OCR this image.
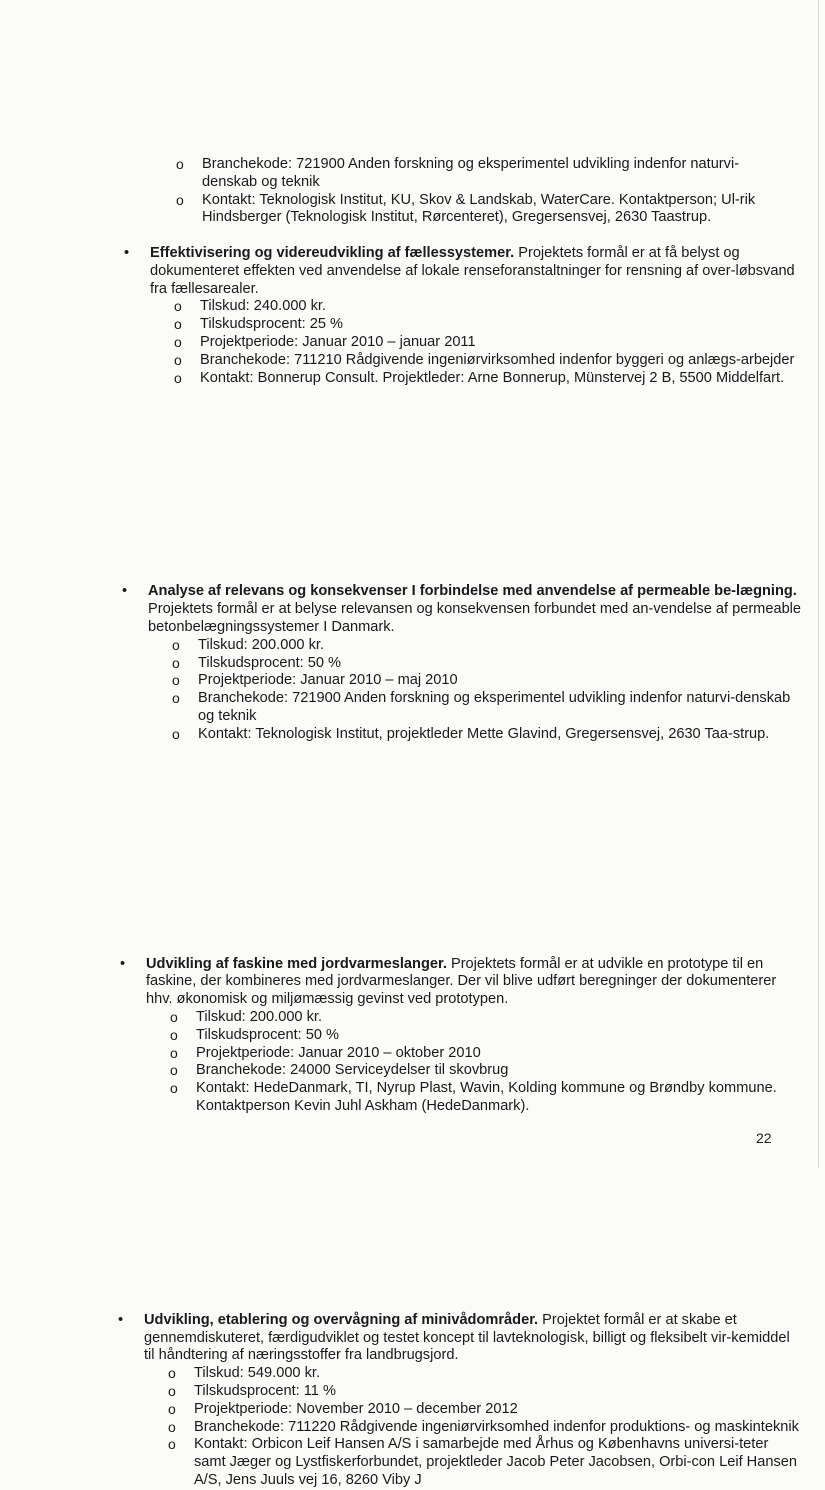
o Branchekode: 721900 Anden forskning og eksperimentel udvikling indenfor naturvi-denskab og teknik
o Kontakt: Teknologisk Institut, KU, Skov & Landskab, WaterCare. Kontaktperson; Ul-rik Hindsberger (Teknologisk Institut, Rørcenteret), Gregersensvej, 2630 Taastrup.
• Effektivisering og videreudvikling af fællessystemer. Projektets formål er at få belyst og dokumenteret effekten ved anvendelse af lokale renseforanstaltninger for rensning af over-løbsvand fra fællesarealer.
o Tilskud: 240.000 kr.
o Tilskudsprocent: 25 %
o Projektperiode: Januar 2010 – januar 2011
o Branchekode: 711210 Rådgivende ingeniørvirksomhed indenfor byggeri og anlægs-arbejder
o Kontakt: Bonnerup Consult. Projektleder: Arne Bonnerup, Münstervej 2 B, 5500 Middelfart.
• Analyse af relevans og konsekvenser I forbindelse med anvendelse af permeable be-lægning. Projektets formål er at belyse relevansen og konsekvensen forbundet med an-vendelse af permeable betonbelægningssystemer I Danmark.
o Tilskud: 200.000 kr.
o Tilskudsprocent: 50 %
o Projektperiode: Januar 2010 – maj 2010
o Branchekode: 721900 Anden forskning og eksperimentel udvikling indenfor naturvi-denskab og teknik
o Kontakt: Teknologisk Institut, projektleder Mette Glavind, Gregersensvej, 2630 Taa-strup.
• Udvikling af faskine med jordvarmeslanger. Projektets formål er at udvikle en prototype til en faskine, der kombineres med jordvarmeslanger. Der vil blive udført beregninger der dokumenterer hhv. økonomisk og miljømæssig gevinst ved prototypen.
o Tilskud: 200.000 kr.
o Tilskudsprocent: 50 %
o Projektperiode: Januar 2010 – oktober 2010
o Branchekode: 24000 Serviceydelser til skovbrug
o Kontakt: HedeDanmark, TI, Nyrup Plast, Wavin, Kolding kommune og Brøndby kommune. Kontaktperson Kevin Juhl Askham (HedeDanmark).
• Udvikling, etablering og overvågning af minivådområder. Projektet formål er at skabe et gennemdiskuteret, færdigudviklet og testet koncept til lavteknologisk, billigt og fleksibelt vir-kemiddel til håndtering af næringsstoffer fra landbrugsjord.
o Tilskud: 549.000 kr.
o Tilskudsprocent: 11 %
o Projektperiode: November 2010 – december 2012
o Branchekode: 711220 Rådgivende ingeniørvirksomhed indenfor produktions- og maskinteknik
o Kontakt: Orbicon Leif Hansen A/S i samarbejde med Århus og Københavns universi-teter samt Jæger og Lystfiskerforbundet, projektleder Jacob Peter Jacobsen, Orbi-con Leif Hansen A/S, Jens Juuls vej 16, 8260 Viby J
22
